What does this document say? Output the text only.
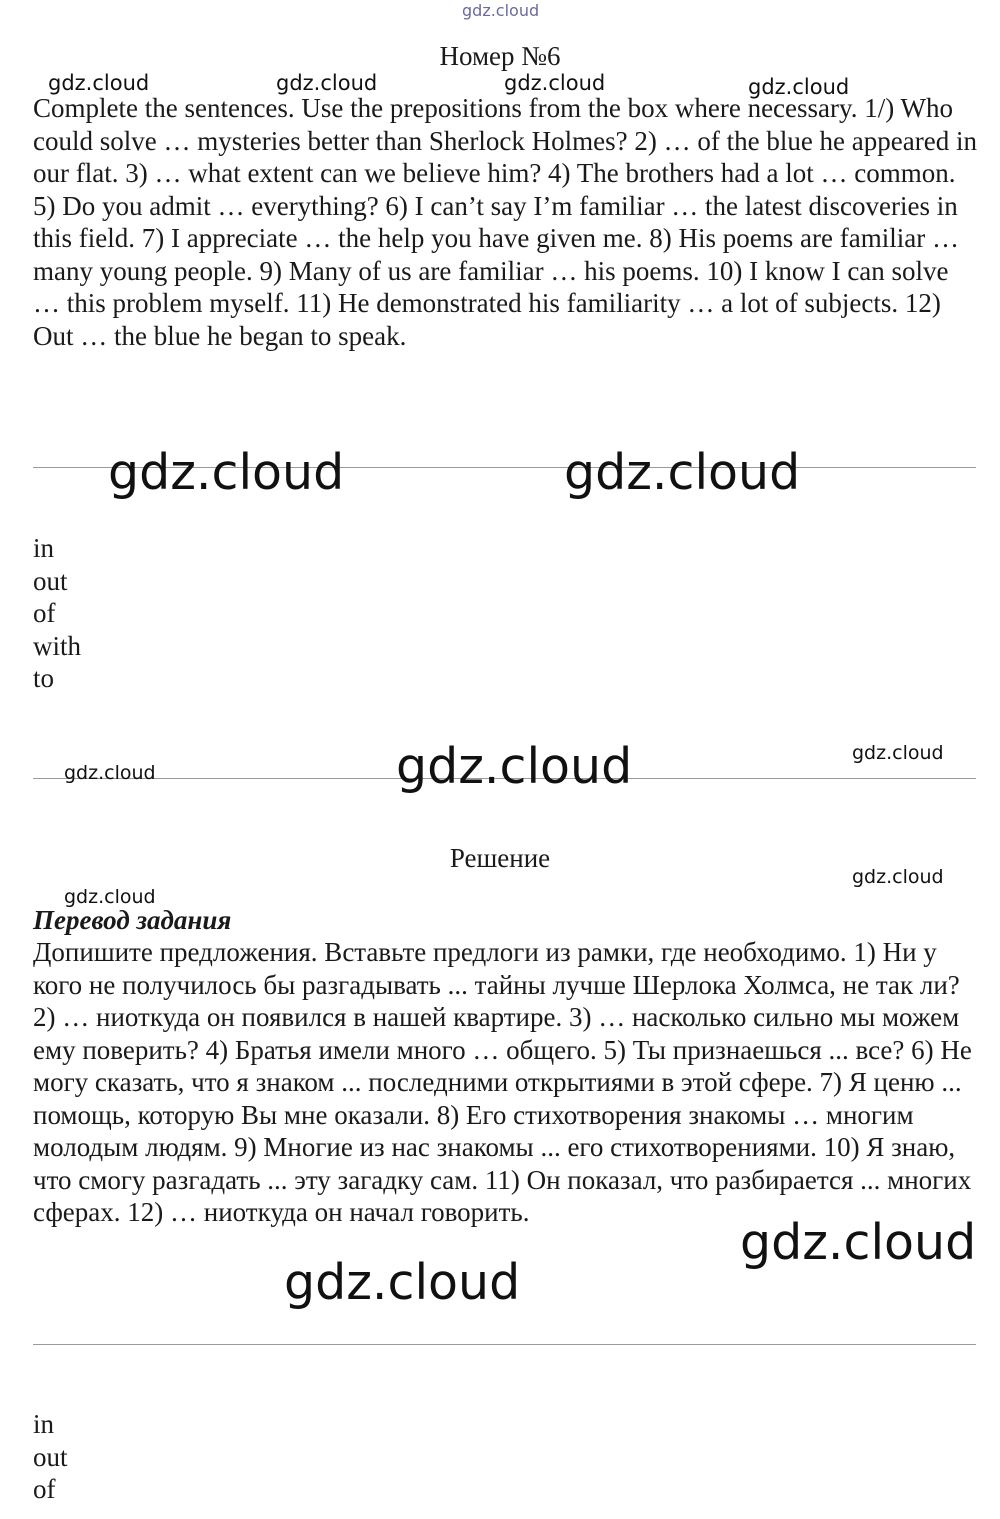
gdz.cloud
Номер №6
gdz.cloud	gdz.cloud	gdz.cloud	gdz.cloud

Complete the sentences. Use the prepositions from the box where necessary. 1/) Who could solve … mysteries better than Sherlock Holmes? 2) … of the blue he appeared in our flat. 3) … what extent can we believe him? 4) The brothers had a lot … common. 5) Do you admit … everything? 6) I can’t say I’m familiar … the latest discoveries in this field. 7) I appreciate … the help you have given me. 8) His poems are familiar … many young people. 9) Many of us are familiar … his poems. 10) I know I can solve … this problem myself. 11) He demonstrated his familiarity … a lot of subjects. 12) Out … the blue he began to speak.

gdz.cloud	gdz.cloud
in
out
of
with
to
gdz.cloud	gdz.cloud	gdz.cloud
Решение
gdz.cloud
gdz.cloud
Перевод задания

Допишите предложения. Вставьте предлоги из рамки, где необходимо. 1) Ни у кого не получилось бы разгадывать ... тайны лучше Шерлока Холмса, не так ли? 2) … ниоткуда он появился в нашей квартире. 3) … насколько сильно мы можем ему поверить? 4) Братья имели много … общего. 5) Ты признаешься ... все? 6) Не могу сказать, что я знаком ... последними открытиями в этой сфере. 7) Я ценю ... помощь, которую Вы мне оказали. 8) Его стихотворения знакомы … многим молодым людям. 9) Многие из нас знакомы ... его стихотворениями. 10) Я знаю, что смогу разгадать ... эту загадку сам. 11) Он показал, что разбирается ... многих сферах. 12) … ниоткуда он начал говорить.

gdz.cloud
gdz.cloud
in
out
of
